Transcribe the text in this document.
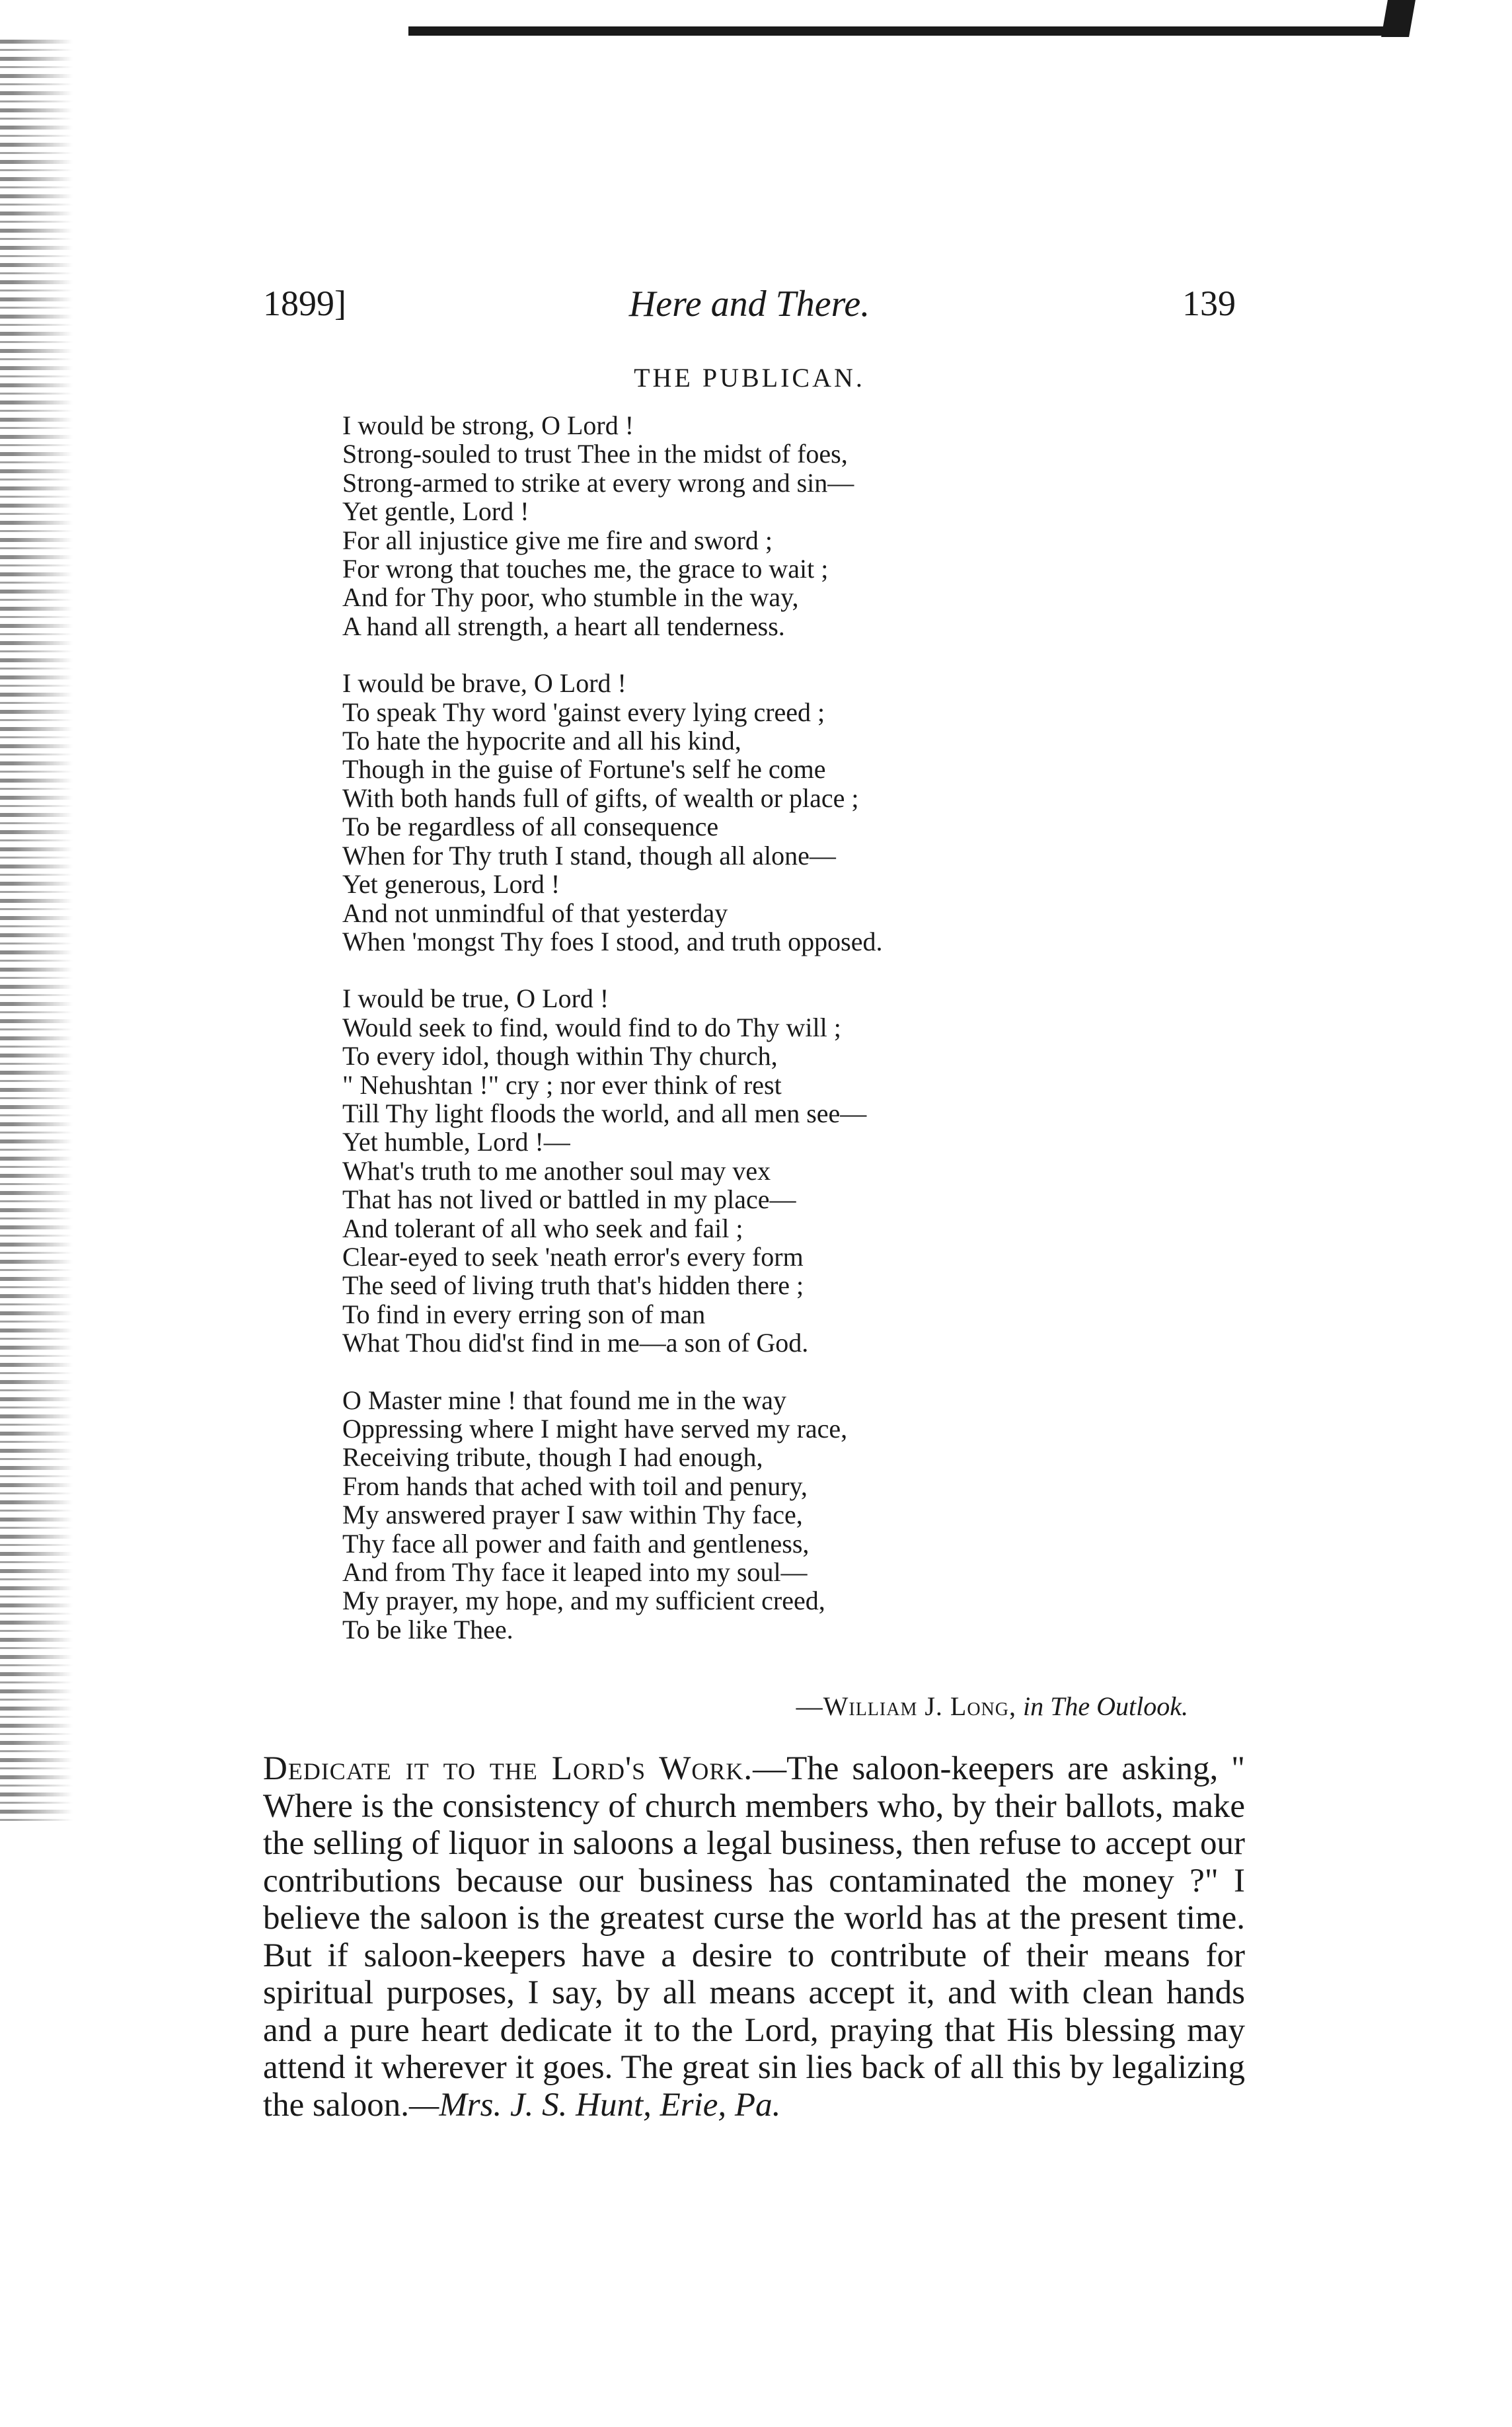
1899]	Here and There.	139
THE PUBLICAN.
I would be strong, O Lord !
Strong-souled to trust Thee in the midst of foes,
Strong-armed to strike at every wrong and sin—
Yet gentle, Lord !
For all injustice give me fire and sword ;
For wrong that touches me, the grace to wait ;
And for Thy poor, who stumble in the way,
A hand all strength, a heart all tenderness.
I would be brave, O Lord !
To speak Thy word 'gainst every lying creed ;
To hate the hypocrite and all his kind,
Though in the guise of Fortune's self he come
With both hands full of gifts, of wealth or place ;
To be regardless of all consequence
When for Thy truth I stand, though all alone—
Yet generous, Lord !
And not unmindful of that yesterday
When 'mongst Thy foes I stood, and truth opposed.
I would be true, O Lord !
Would seek to find, would find to do Thy will ;
To every idol, though within Thy church,
" Nehushtan !" cry ; nor ever think of rest
Till Thy light floods the world, and all men see—
Yet humble, Lord !—
What's truth to me another soul may vex
That has not lived or battled in my place—
And tolerant of all who seek and fail ;
Clear-eyed to seek 'neath error's every form
The seed of living truth that's hidden there ;
To find in every erring son of man
What Thou did'st find in me—a son of God.
O Master mine ! that found me in the way
Oppressing where I might have served my race,
Receiving tribute, though I had enough,
From hands that ached with toil and penury,
My answered prayer I saw within Thy face,
Thy face all power and faith and gentleness,
And from Thy face it leaped into my soul—
My prayer, my hope, and my sufficient creed,
To be like Thee.
—William J. Long, in The Outlook.
Dedicate it to the Lord's Work.—The saloon-keepers are asking, " Where is the consistency of church members who, by their ballots, make the selling of liquor in saloons a legal business, then refuse to accept our contributions because our business has contaminated the money ?" I believe the saloon is the greatest curse the world has at the present time. But if saloon-keepers have a desire to contribute of their means for spiritual purposes, I say, by all means accept it, and with clean hands and a pure heart dedicate it to the Lord, praying that His blessing may attend it wherever it goes. The great sin lies back of all this by legalizing the saloon.—Mrs. J. S. Hunt, Erie, Pa.
